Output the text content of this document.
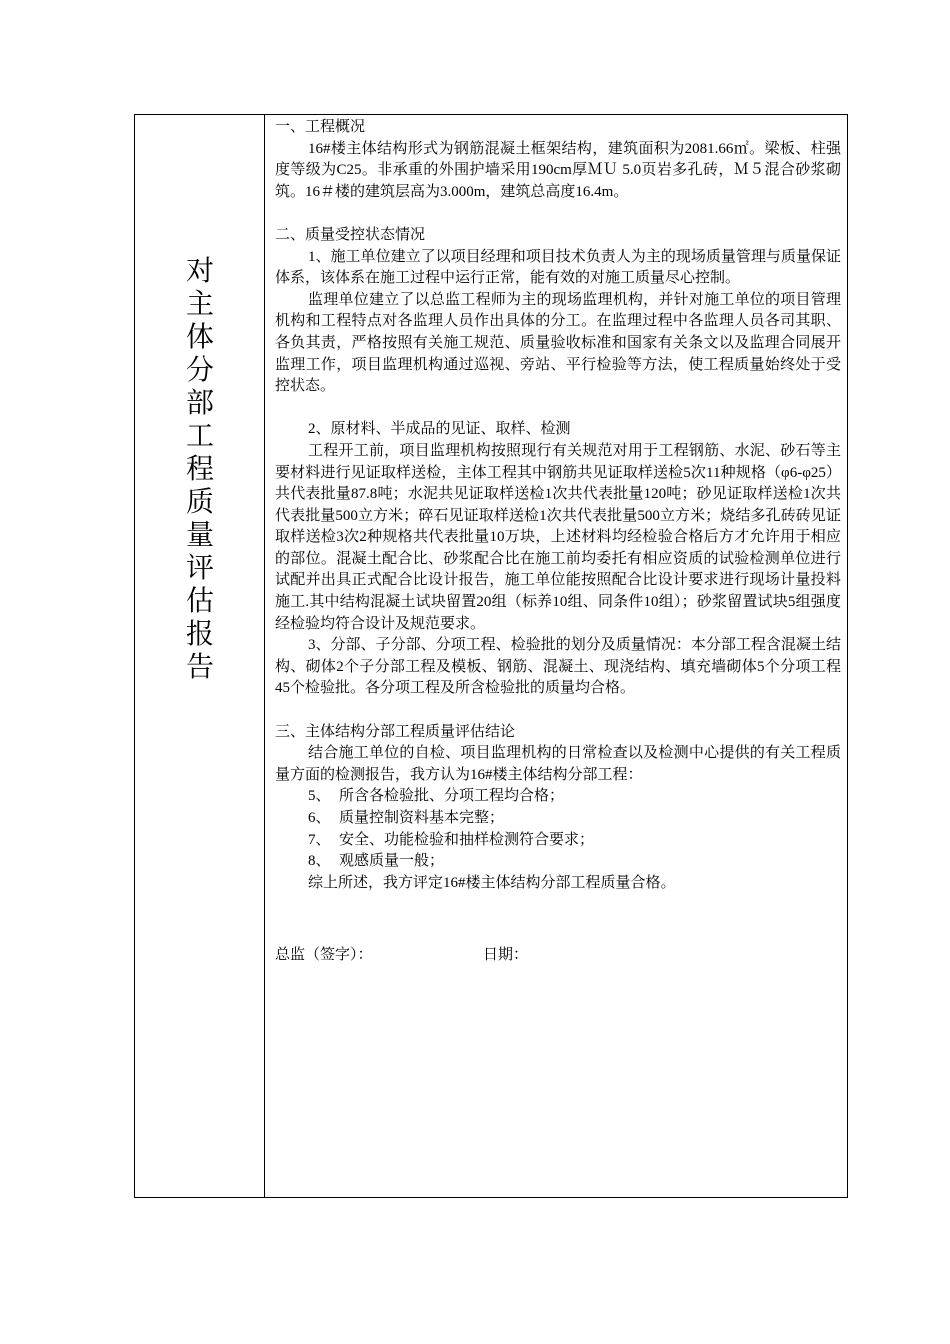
对
主
体
分
部
工
程
质
量
评
估
报
告

一、工程概况

16#楼主体结构形式为钢筋混凝土框架结构，建筑面积为2081.66㎡。梁板、柱强度等级为C25。非承重的外围护墙采用190cm厚ＭＵ 5.0页岩多孔砖，Ｍ５混合砂浆砌筑。16＃楼的建筑层高为3.000m，建筑总高度16.4m。

二、质量受控状态情况

1、施工单位建立了以项目经理和项目技术负责人为主的现场质量管理与质量保证体系，该体系在施工过程中运行正常，能有效的对施工质量尽心控制。

监理单位建立了以总监工程师为主的现场监理机构，并针对施工单位的项目管理机构和工程特点对各监理人员作出具体的分工。在监理过程中各监理人员各司其职、各负其责，严格按照有关施工规范、质量验收标准和国家有关条文以及监理合同展开监理工作，项目监理机构通过巡视、旁站、平行检验等方法，使工程质量始终处于受控状态。

2、原材料、半成品的见证、取样、检测

工程开工前，项目监理机构按照现行有关规范对用于工程钢筋、水泥、砂石等主要材料进行见证取样送检，主体工程其中钢筋共见证取样送检5次11种规格（φ6-φ25）共代表批量87.8吨；水泥共见证取样送检1次共代表批量120吨；砂见证取样送检1次共代表批量500立方米；碎石见证取样送检1次共代表批量500立方米；烧结多孔砖砖见证取样送检3次2种规格共代表批量10万块，上述材料均经检验合格后方才允许用于相应的部位。混凝土配合比、砂浆配合比在施工前均委托有相应资质的试验检测单位进行试配并出具正式配合比设计报告，施工单位能按照配合比设计要求进行现场计量投料施工.其中结构混凝土试块留置20组（标养10组、同条件10组）；砂浆留置试块5组强度经检验均符合设计及规范要求。

3、分部、子分部、分项工程、检验批的划分及质量情况：本分部工程含混凝土结构、砌体2个子分部工程及模板、钢筋、混凝土、现浇结构、填充墙砌体5个分项工程45个检验批。各分项工程及所含检验批的质量均合格。

三、主体结构分部工程质量评估结论

结合施工单位的自检、项目监理机构的日常检查以及检测中心提供的有关工程质量方面的检测报告，我方认为16#楼主体结构分部工程：

5、 所含各检验批、分项工程均合格；

6、 质量控制资料基本完整；

7、 安全、功能检验和抽样检测符合要求；

8、 观感质量一般；

综上所述，我方评定16#楼主体结构分部工程质量合格。

总监（签字）：	日期：
